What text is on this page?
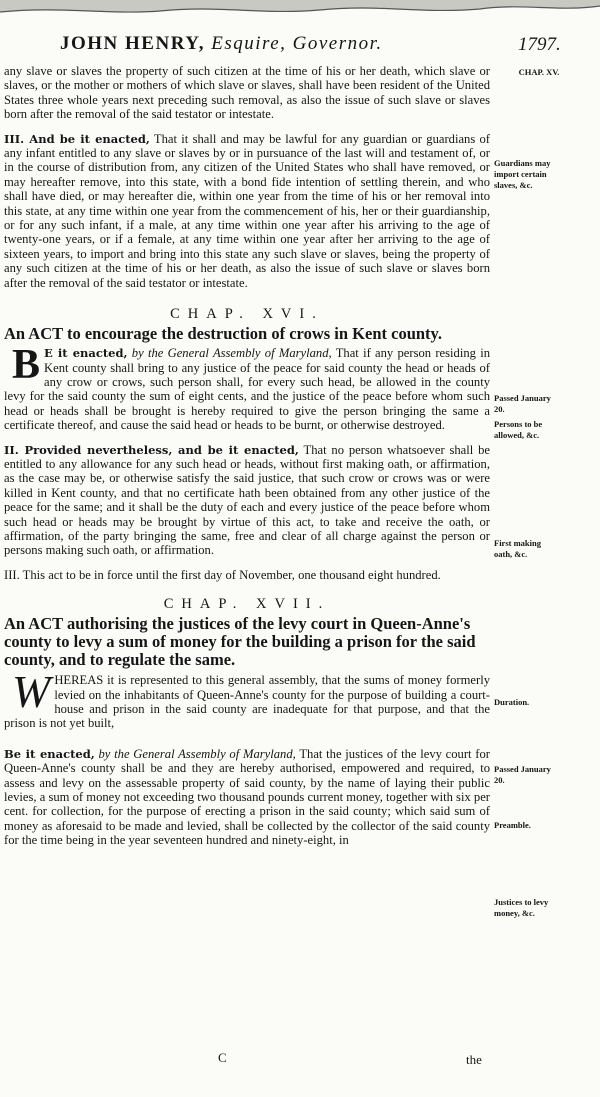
JOHN HENRY, Esquire, Governor.	1797.

any slave or slaves the property of such citizen at the time of his or her death, which slave or slaves, or the mother or mothers of which slave or slaves, shall have been resident of the United States three whole years next preceding such removal, as also the issue of such slave or slaves born after the removal of the said testator or intestate.

III. And be it enacted, That it shall and may be lawful for any guardian or guardians of any infant entitled to any slave or slaves by or in pursuance of the last will and testament of, or in the course of distribution from, any citizen of the United States who shall have removed, or may hereafter remove, into this state, with a bond fide intention of settling therein, and who shall have died, or may hereafter die, within one year from the time of his or her removal into this state, at any time within one year from the commencement of his, her or their guardianship, or for any such infant, if a male, at any time within one year after his arriving to the age of twenty-one years, or if a female, at any time within one year after her arriving to the age of sixteen years, to import and bring into this state any such slave or slaves, being the property of any such citizen at the time of his or her death, as also the issue of such slave or slaves born after the removal of the said testator or intestate.

CHAP. XVI.

An ACT to encourage the destruction of crows in Kent county.

B E it enacted, by the General Assembly of Maryland, That if any person residing in Kent county shall bring to any justice of the peace for said county the head or heads of any crow or crows, such person shall, for every such head, be allowed in the county levy for the said county the sum of eight cents, and the justice of the peace before whom such head or heads shall be brought is hereby required to give the person bringing the same a certificate thereof, and cause the said head or heads to be burnt, or otherwise destroyed.

II. Provided nevertheless, and be it enacted, That no person whatsoever shall be entitled to any allowance for any such head or heads, without first making oath, or affirmation, as the case may be, or otherwise satisfy the said justice, that such crow or crows was or were killed in Kent county, and that no certificate hath been obtained from any other justice of the peace for the same; and it shall be the duty of each and every justice of the peace before whom such head or heads may be brought by virtue of this act, to take and receive the oath, or affirmation, of the party bringing the same, free and clear of all charge against the person or persons making such oath, or affirmation.

III. This act to be in force until the first day of November, one thousand eight hundred.

CHAP. XVII.

An ACT authorising the justices of the levy court in Queen-Anne's county to levy a sum of money for the building a prison for the said county, and to regulate the same.

WHEREAS it is represented to this general assembly, that the sums of money formerly levied on the inhabitants of Queen-Anne's county for the purpose of building a court-house and prison in the said county are inadequate for that purpose, and that the prison is not yet built,

Be it enacted, by the General Assembly of Maryland, That the justices of the levy court for Queen-Anne's county shall be and they are hereby authorised, empowered and required, to assess and levy on the assessable property of said county, by the name of laying their public levies, a sum of money not exceeding two thousand pounds current money, together with six per cent. for collection, for the purpose of erecting a prison in the said county; which said sum of money as aforesaid to be made and levied, shall be collected by the collector of the said county for the time being in the year seventeen hundred and ninety-eight, in

CHAP. XV.
Guardians may import certain slaves, &c.
Passed January 20.
Persons to be allowed, &c.
First making oath, &c.
Duration.
Passed January 20.
Preamble.
Justices to levy money, &c.
C	the
